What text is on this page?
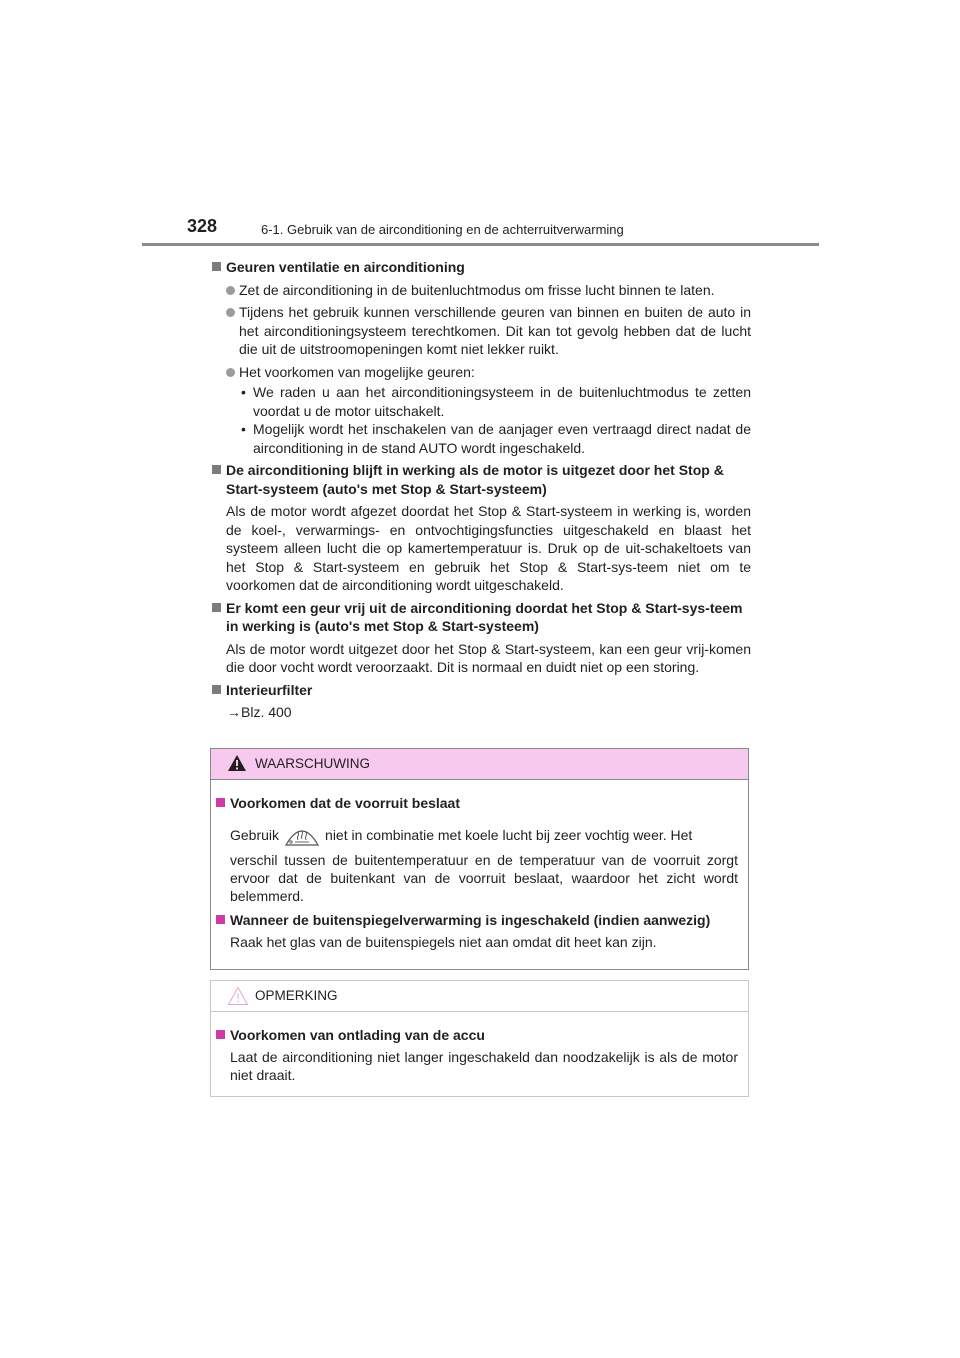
328	6-1. Gebruik van de airconditioning en de achterruitverwarming
Geuren ventilatie en airconditioning
Zet de airconditioning in de buitenluchtmodus om frisse lucht binnen te laten.
Tijdens het gebruik kunnen verschillende geuren van binnen en buiten de auto in het airconditioningsysteem terechtkomen. Dit kan tot gevolg hebben dat de lucht die uit de uitstroomopeningen komt niet lekker ruikt.
Het voorkomen van mogelijke geuren:
• We raden u aan het airconditioningsysteem in de buitenluchtmodus te zetten voordat u de motor uitschakelt.
• Mogelijk wordt het inschakelen van de aanjager even vertraagd direct nadat de airconditioning in de stand AUTO wordt ingeschakeld.
De airconditioning blijft in werking als de motor is uitgezet door het Stop & Start-systeem (auto's met Stop & Start-systeem)
Als de motor wordt afgezet doordat het Stop & Start-systeem in werking is, worden de koel-, verwarmings- en ontvochtigingsfuncties uitgeschakeld en blaast het systeem alleen lucht die op kamertemperatuur is. Druk op de uit-schakeltoets van het Stop & Start-systeem en gebruik het Stop & Start-sys-teem niet om te voorkomen dat de airconditioning wordt uitgeschakeld.
Er komt een geur vrij uit de airconditioning doordat het Stop & Start-sys-teem in werking is (auto's met Stop & Start-systeem)
Als de motor wordt uitgezet door het Stop & Start-systeem, kan een geur vrij-komen die door vocht wordt veroorzaakt. Dit is normaal en duidt niet op een storing.
Interieurfilter
→Blz. 400
WAARSCHUWING
Voorkomen dat de voorruit beslaat
Gebruik	niet in combinatie met koele lucht bij zeer vochtig weer. Het
verschil tussen de buitentemperatuur en de temperatuur van de voorruit zorgt ervoor dat de buitenkant van de voorruit beslaat, waardoor het zicht wordt belemmerd.
Wanneer de buitenspiegelverwarming is ingeschakeld (indien aanwezig)
Raak het glas van de buitenspiegels niet aan omdat dit heet kan zijn.
OPMERKING
Voorkomen van ontlading van de accu
Laat de airconditioning niet langer ingeschakeld dan noodzakelijk is als de motor niet draait.
